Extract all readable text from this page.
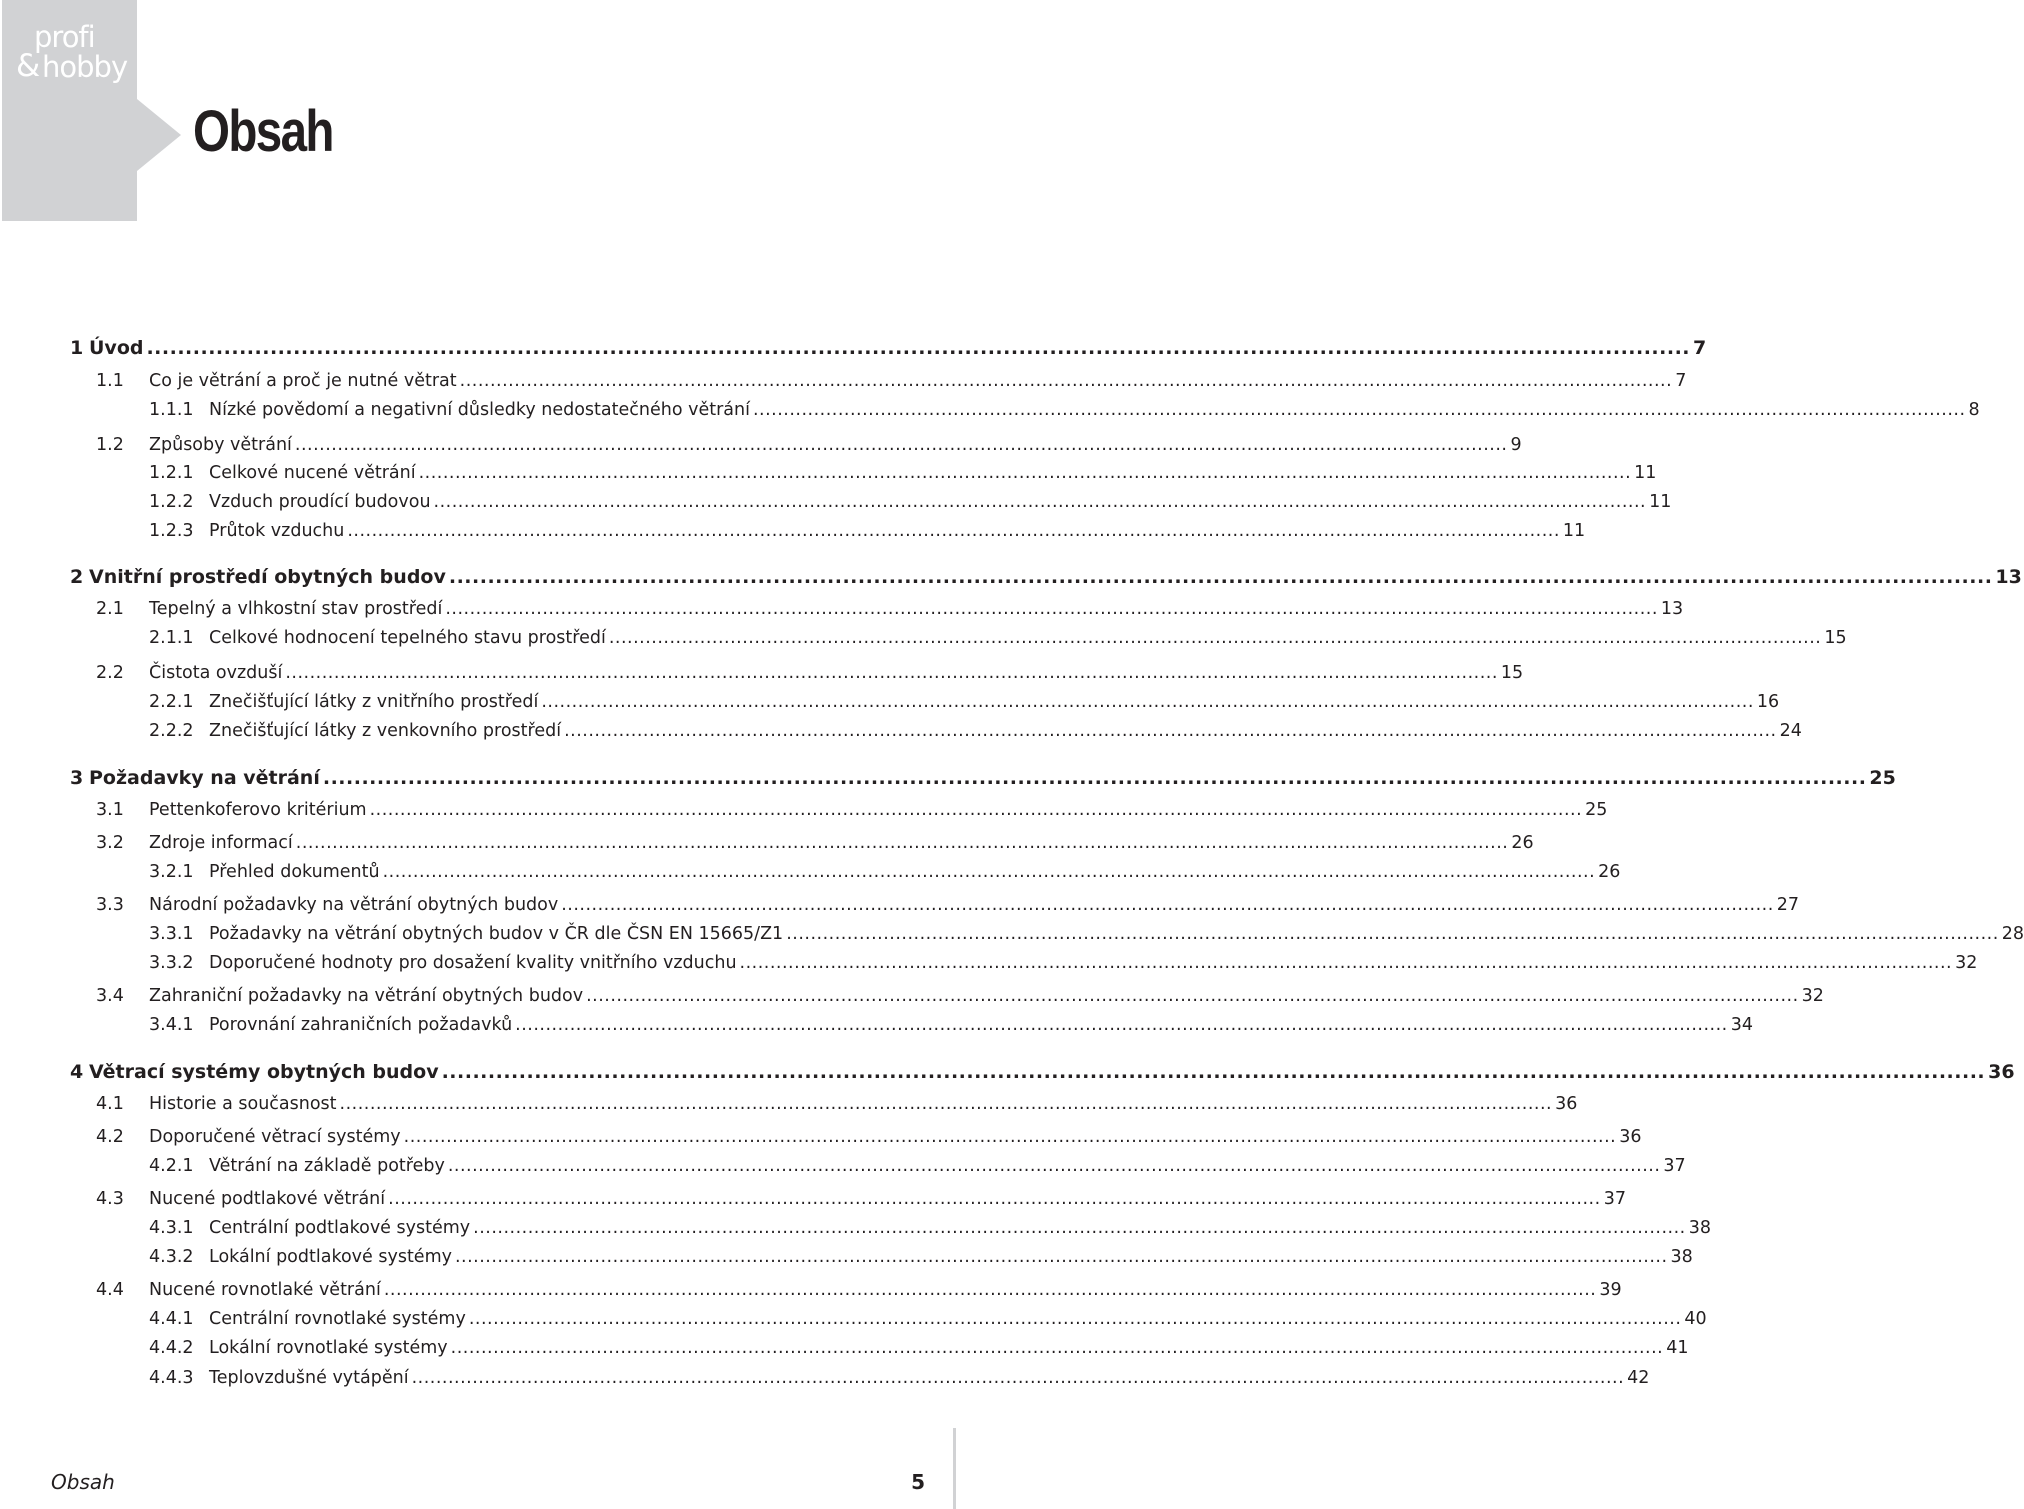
profi
& hobby
Obsah
1 Úvod .....	7
1.1	Co je větrání a proč je nutné větrat .....	7
1.1.1 Nízké povědomí a negativní důsledky nedostatečného větrání .....	8
1.2	Způsoby větrání .....	9
1.2.1 Celkové nucené větrání .....	11
1.2.2 Vzduch proudící budovou .....	11
1.2.3 Průtok vzduchu .....	11
2 Vnitřní prostředí obytných budov .....	13
2.1	Tepelný a vlhkostní stav prostředí .....	13
2.1.1 Celkové hodnocení tepelného stavu prostředí .....	15
2.2	Čistota ovzduší .....	15
2.2.1 Znečišťující látky z vnitřního prostředí .....	16
2.2.2 Znečišťující látky z venkovního prostředí .....	24
3 Požadavky na větrání .....	25
3.1	Pettenkoferovo kritérium .....	25
3.2	Zdroje informací .....	26
3.2.1 Přehled dokumentů .....	26
3.3	Národní požadavky na větrání obytných budov .....	27
3.3.1 Požadavky na větrání obytných budov v ČR dle ČSN EN 15665/Z1 .....	28
3.3.2 Doporučené hodnoty pro dosažení kvality vnitřního vzduchu .....	32
3.4	Zahraniční požadavky na větrání obytných budov .....	32
3.4.1 Porovnání zahraničních požadavků .....	34
4 Větrací systémy obytných budov .....	36
4.1	Historie a současnost .....	36
4.2	Doporučené větrací systémy .....	36
4.2.1 Větrání na základě potřeby .....	37
4.3	Nucené podtlakové větrání .....	37
4.3.1 Centrální podtlakové systémy .....	38
4.3.2 Lokální podtlakové systémy .....	38
4.4	Nucené rovnotlaké větrání .....	39
4.4.1 Centrální rovnotlaké systémy .....	40
4.4.2 Lokální rovnotlaké systémy .....	41
4.4.3 Teplovzdušné vytápění .....	42
Obsah	5
